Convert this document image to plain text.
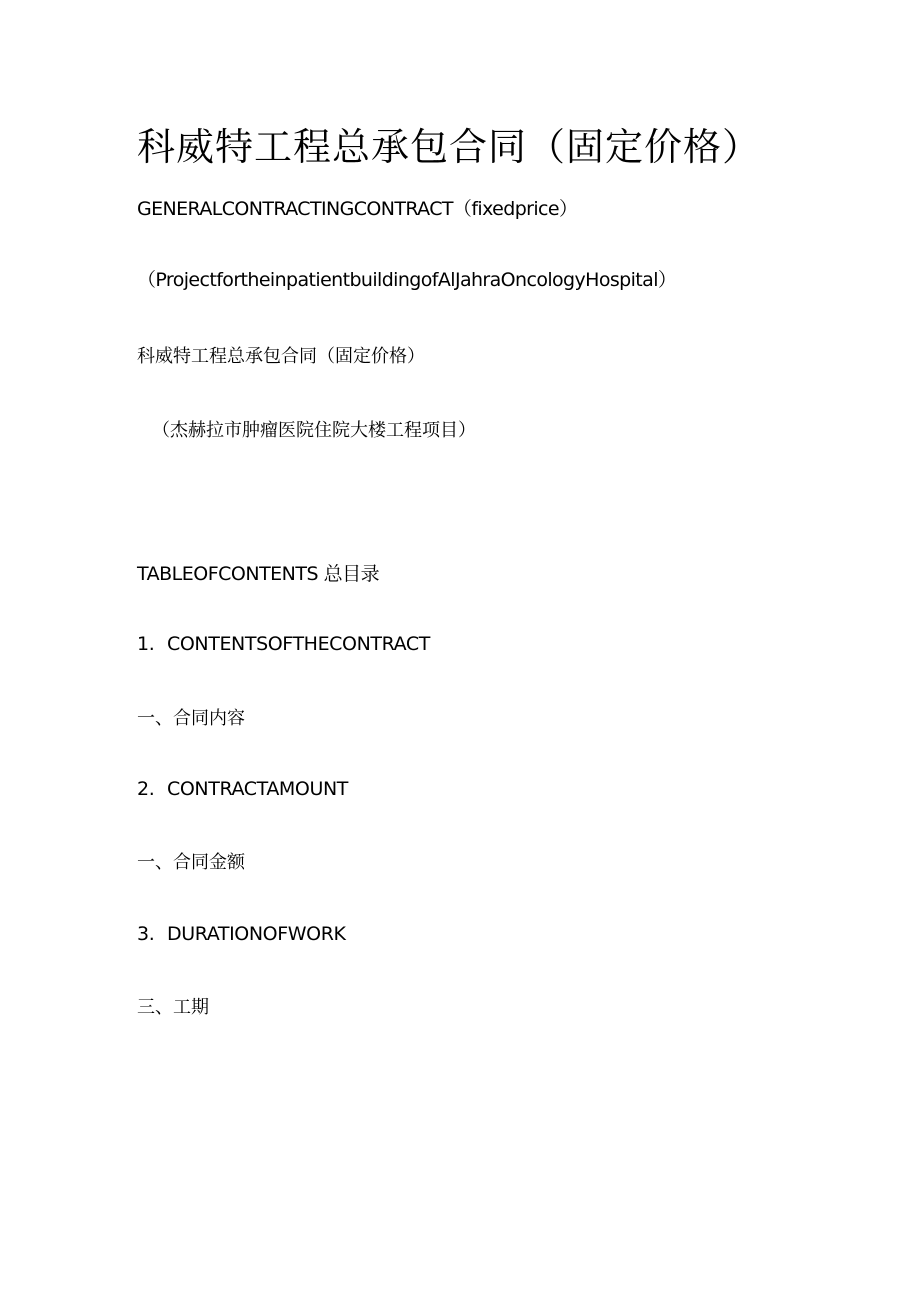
科威特工程总承包合同（固定价格）
GENERALCONTRACTINGCONTRACT（fixedprice）
（ProjectfortheinpatientbuildingofAlJahraOncologyHospital）
科威特工程总承包合同（固定价格）
（杰赫拉市肿瘤医院住院大楼工程项目）
TABLEOFCONTENTS 总目录
1. CONTENTSOFTHECONTRACT
一、合同内容
2. CONTRACTAMOUNT
一、合同金额
3. DURATIONOFWORK
三、工期
